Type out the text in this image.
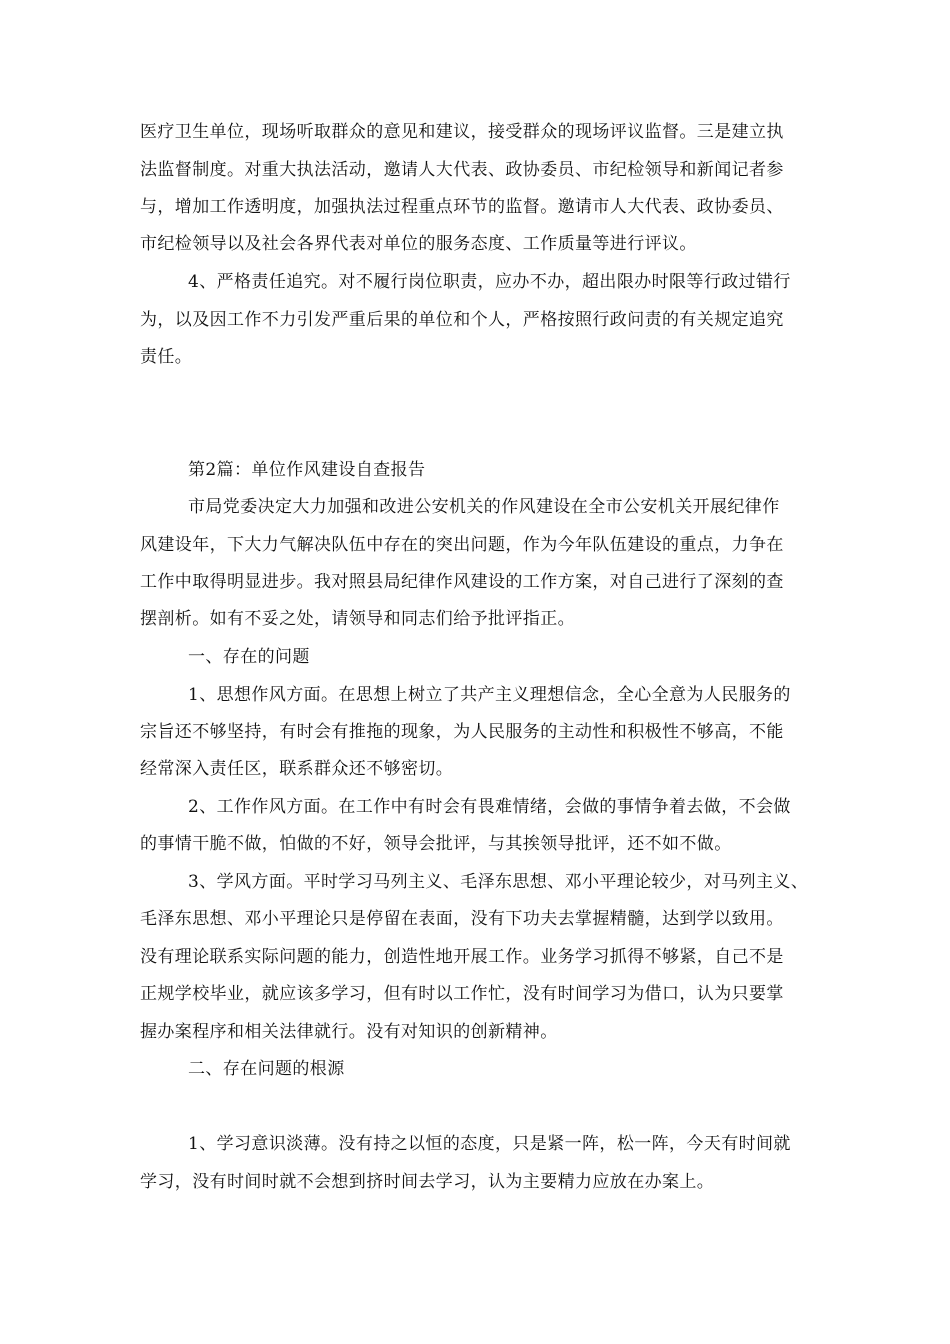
医疗卫生单位，现场听取群众的意见和建议，接受群众的现场评议监督。三是建立执
法监督制度。对重大执法活动，邀请人大代表、政协委员、市纪检领导和新闻记者参
与，增加工作透明度，加强执法过程重点环节的监督。邀请市人大代表、政协委员、
市纪检领导以及社会各界代表对单位的服务态度、工作质量等进行评议。
4、严格责任追究。对不履行岗位职责，应办不办，超出限办时限等行政过错行
为，以及因工作不力引发严重后果的单位和个人，严格按照行政问责的有关规定追究
责任。
第2篇：单位作风建设自查报告
市局党委决定大力加强和改进公安机关的作风建设在全市公安机关开展纪律作
风建设年，下大力气解决队伍中存在的突出问题，作为今年队伍建设的重点，力争在
工作中取得明显进步。我对照县局纪律作风建设的工作方案，对自己进行了深刻的查
摆剖析。如有不妥之处，请领导和同志们给予批评指正。
一、存在的问题
1、思想作风方面。在思想上树立了共产主义理想信念，全心全意为人民服务的
宗旨还不够坚持，有时会有推拖的现象，为人民服务的主动性和积极性不够高，不能
经常深入责任区，联系群众还不够密切。
2、工作作风方面。在工作中有时会有畏难情绪，会做的事情争着去做，不会做
的事情干脆不做，怕做的不好，领导会批评，与其挨领导批评，还不如不做。
3、学风方面。平时学习马列主义、毛泽东思想、邓小平理论较少，对马列主义、
毛泽东思想、邓小平理论只是停留在表面，没有下功夫去掌握精髓，达到学以致用。
没有理论联系实际问题的能力，创造性地开展工作。业务学习抓得不够紧，自己不是
正规学校毕业，就应该多学习，但有时以工作忙，没有时间学习为借口，认为只要掌
握办案程序和相关法律就行。没有对知识的创新精神。
二、存在问题的根源
1、学习意识淡薄。没有持之以恒的态度，只是紧一阵，松一阵，今天有时间就
学习，没有时间时就不会想到挤时间去学习，认为主要精力应放在办案上。
